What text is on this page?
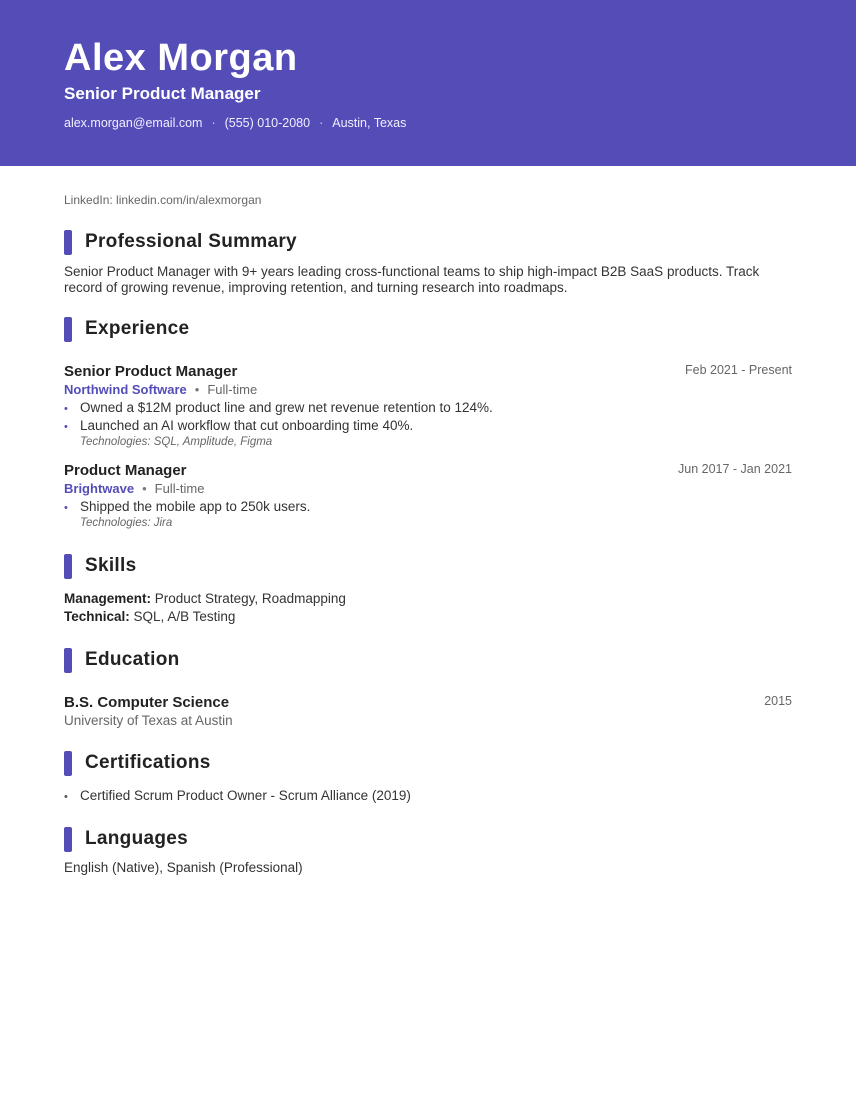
Alex Morgan
Senior Product Manager
alex.morgan@email.com · (555) 010-2080 · Austin, Texas
LinkedIn: linkedin.com/in/alexmorgan
Professional Summary
Senior Product Manager with 9+ years leading cross-functional teams to ship high-impact B2B SaaS products. Track record of growing revenue, improving retention, and turning research into roadmaps.
Experience
Senior Product Manager	Feb 2021 - Present
Northwind Software • Full-time
• Owned a $12M product line and grew net revenue retention to 124%.
• Launched an AI workflow that cut onboarding time 40%.
Technologies: SQL, Amplitude, Figma
Product Manager	Jun 2017 - Jan 2021
Brightwave • Full-time
• Shipped the mobile app to 250k users.
Technologies: Jira
Skills
Management: Product Strategy, Roadmapping
Technical: SQL, A/B Testing
Education
B.S. Computer Science	2015
University of Texas at Austin
Certifications
• Certified Scrum Product Owner - Scrum Alliance (2019)
Languages
English (Native), Spanish (Professional)
